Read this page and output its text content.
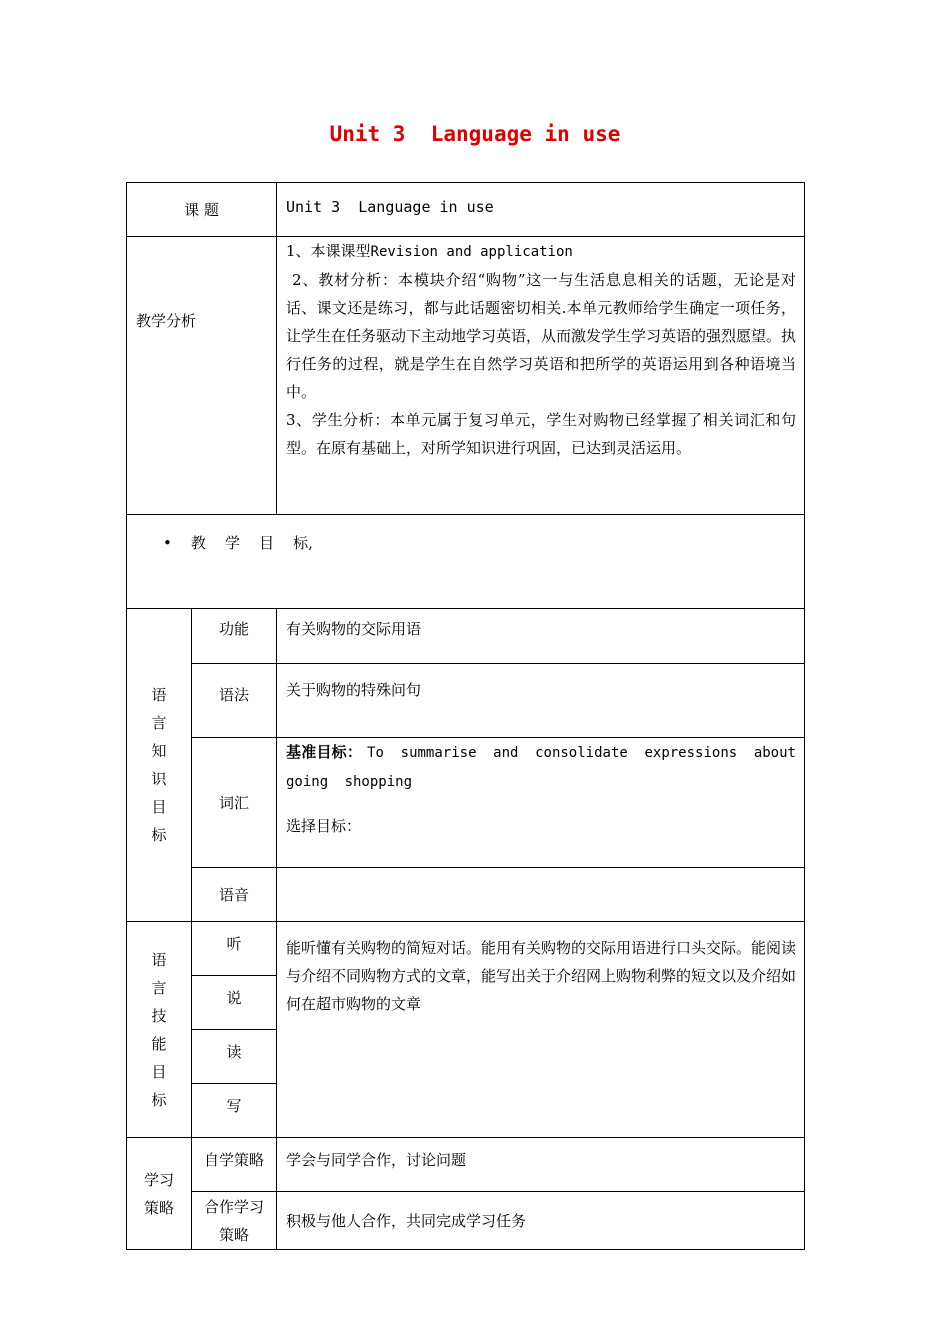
Unit 3  Language in use
课 题		Unit 3  Language in use
教学分析		1、本课课型Revision and application
2、教材分析：本模块介绍“购物”这一与生活息息相关的话题，无论是对话、课文还是练习，都与此话题密切相关.本单元教师给学生确定一项任务，让学生在任务驱动下主动地学习英语，从而激发学生学习英语的强烈愿望。执行任务的过程，就是学生在自然学习英语和把所学的英语运用到各种语境当中。
3、学生分析：本单元属于复习单元，学生对购物已经掌握了相关词汇和句型。在原有基础上，对所学知识进行巩固，已达到灵活运用。

•    教    学    目    标,		

语言知识目标	功能	有关购物的交际用语
	语法	关于购物的特殊问句
	词汇	基准目标： To summarise and consolidate expressions about going shopping
选择目标：

	语音	

语言技能目标	听	能听懂有关购物的简短对话。能用有关购物的交际用语进行口头交际。能阅读与介绍不同购物方式的文章，能写出关于介绍网上购物利弊的短文以及介绍如何在超市购物的文章
	说	
	读	
	写	

学习策略	自学策略	学会与同学合作，讨论问题

	合作学习策略	积极与他人合作，共同完成学习任务
